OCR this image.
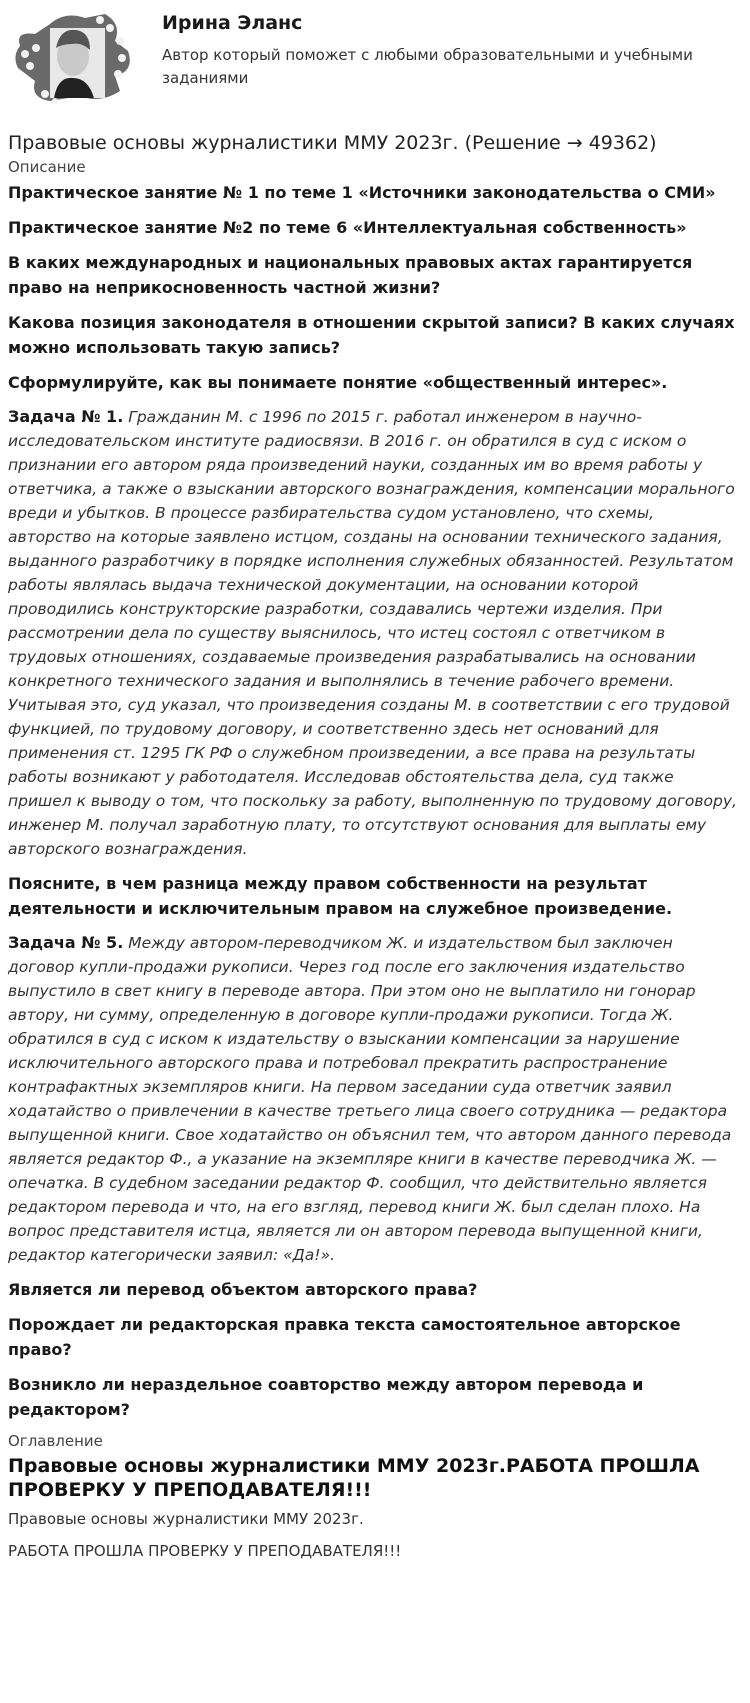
Ирина Эланс
Автор который поможет с любыми образовательными и учебными заданиями
Правовые основы журналистики ММУ 2023г. (Решение → 49362)
Описание

Практическое занятие № 1 по теме 1 «Источники законодательства о СМИ»

Практическое занятие №2 по теме 6 «Интеллектуальная собственность»

В каких международных и национальных правовых актах гарантируется право на неприкосновенность частной жизни?

Какова позиция законодателя в отношении скрытой записи? В каких случаях можно использовать такую запись?

Сформулируйте, как вы понимаете понятие «общественный интерес».

Задача № 1. Гражданин М. с 1996 по 2015 г. работал инженером в научно-исследовательском институте радиосвязи. В 2016 г. он обратился в суд с иском о признании его автором ряда произведений науки, созданных им во время работы у ответчика, а также о взыскании авторского вознаграждения, компенсации морального вреди и убытков. В процессе разбирательства судом установлено, что схемы, авторство на которые заявлено истцом, созданы на основании технического задания, выданного разработчику в порядке исполнения служебных обязанностей. Результатом работы являлась выдача технической документации, на основании которой проводились конструкторские разработки, создавались чертежи изделия. При рассмотрении дела по существу выяснилось, что истец состоял с ответчиком в трудовых отношениях, создаваемые произведения разрабатывались на основании конкретного технического задания и выполнялись в течение рабочего времени. Учитывая это, суд указал, что произведения созданы М. в соответствии с его трудовой функцией, по трудовому договору, и соответственно здесь нет оснований для применения ст. 1295 ГК РФ о служебном произведении, а все права на результаты работы возникают у работодателя. Исследовав обстоятельства дела, суд также пришел к выводу о том, что поскольку за работу, выполненную по трудовому договору, инженер М. получал заработную плату, то отсутствуют основания для выплаты ему авторского вознаграждения.

Поясните, в чем разница между правом собственности на результат деятельности и исключительным правом на служебное произведение.

Задача № 5. Между автором-переводчиком Ж. и издательством был заключен договор купли-продажи рукописи. Через год после его заключения издательство выпустило в свет книгу в переводе автора. При этом оно не выплатило ни гонорар автору, ни сумму, определенную в договоре купли-продажи рукописи. Тогда Ж. обратился в суд с иском к издательству о взыскании компенсации за нарушение исключительного авторского права и потребовал прекратить распространение контрафактных экземпляров книги. На первом заседании суда ответчик заявил ходатайство о привлечении в качестве третьего лица своего сотрудника — редактора выпущенной книги. Свое ходатайство он объяснил тем, что автором данного перевода является редактор Ф., а указание на экземпляре книги в качестве переводчика Ж. — опечатка. В судебном заседании редактор Ф. сообщил, что действительно является редактором перевода и что, на его взгляд, перевод книги Ж. был сделан плохо. На вопрос представителя истца, является ли он автором перевода выпущенной книги, редактор категорически заявил: «Да!».

Является ли перевод объектом авторского права?

Порождает ли редакторская правка текста самостоятельное авторское право?

Возникло ли нераздельное соавторство между автором перевода и редактором?

Оглавление
Правовые основы журналистики ММУ 2023г.РАБОТА ПРОШЛА ПРОВЕРКУ У ПРЕПОДАВАТЕЛЯ!!!

Правовые основы журналистики ММУ 2023г.

РАБОТА ПРОШЛА ПРОВЕРКУ У ПРЕПОДАВАТЕЛЯ!!!
